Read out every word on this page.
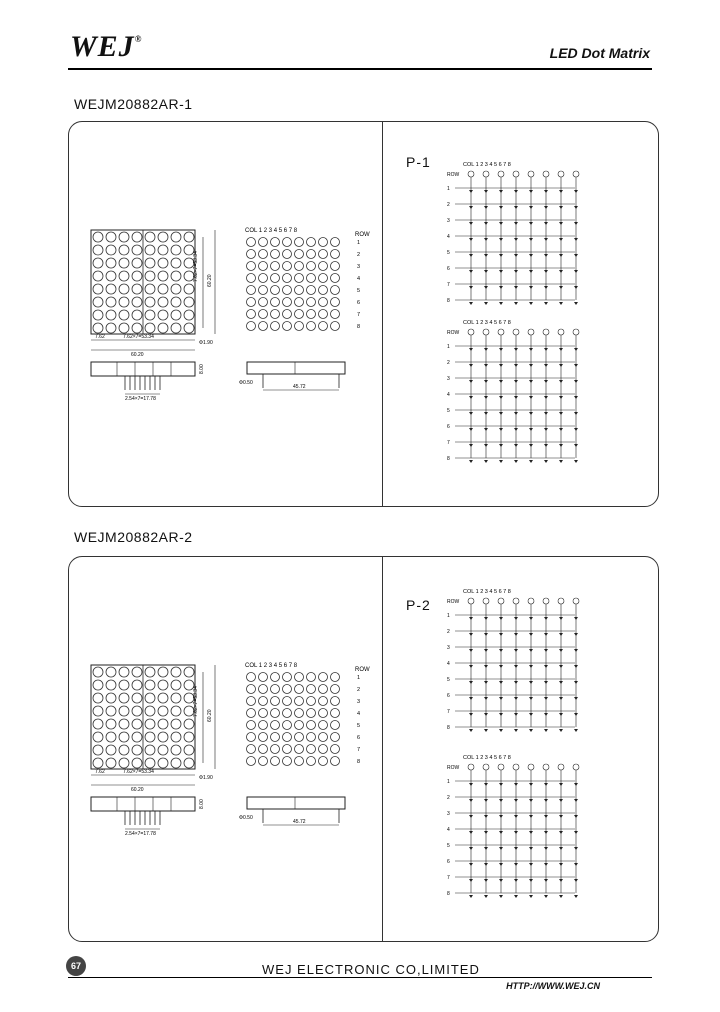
WEJ®
LED Dot Matrix
WEJM20882AR-1
P-1
7.62×7=53.34 60.20
7.62	7.62×7=53.34
60.20
Φ1.90
2.54×7=17.78
8.00
COL 1 2 3 4 5 6 7 8
ROW
1
2
3
4
5
6
7
8
45.72
Φ0.50
COL 1 2 3 4 5 6 7 8
ROW
1
2
3
4
5
6
7
8
COL 1 2 3 4 5 6 7 8
ROW
1
2
3
4
5
6
7
8
WEJM20882AR-2
P-2
7.62×7=53.34 60.20
7.62	7.62×7=53.34
60.20
Φ1.90
2.54×7=17.78
8.00
COL 1 2 3 4 5 6 7 8
ROW
1
2
3
4
5
6
7
8
45.72
Φ0.50
COL 1 2 3 4 5 6 7 8
ROW
1
2
3
4
5
6
7
8
COL 1 2 3 4 5 6 7 8
ROW
1
2
3
4
5
6
7
8
67	WEJ ELECTRONIC CO,LIMITED
HTTP://WWW.WEJ.CN
